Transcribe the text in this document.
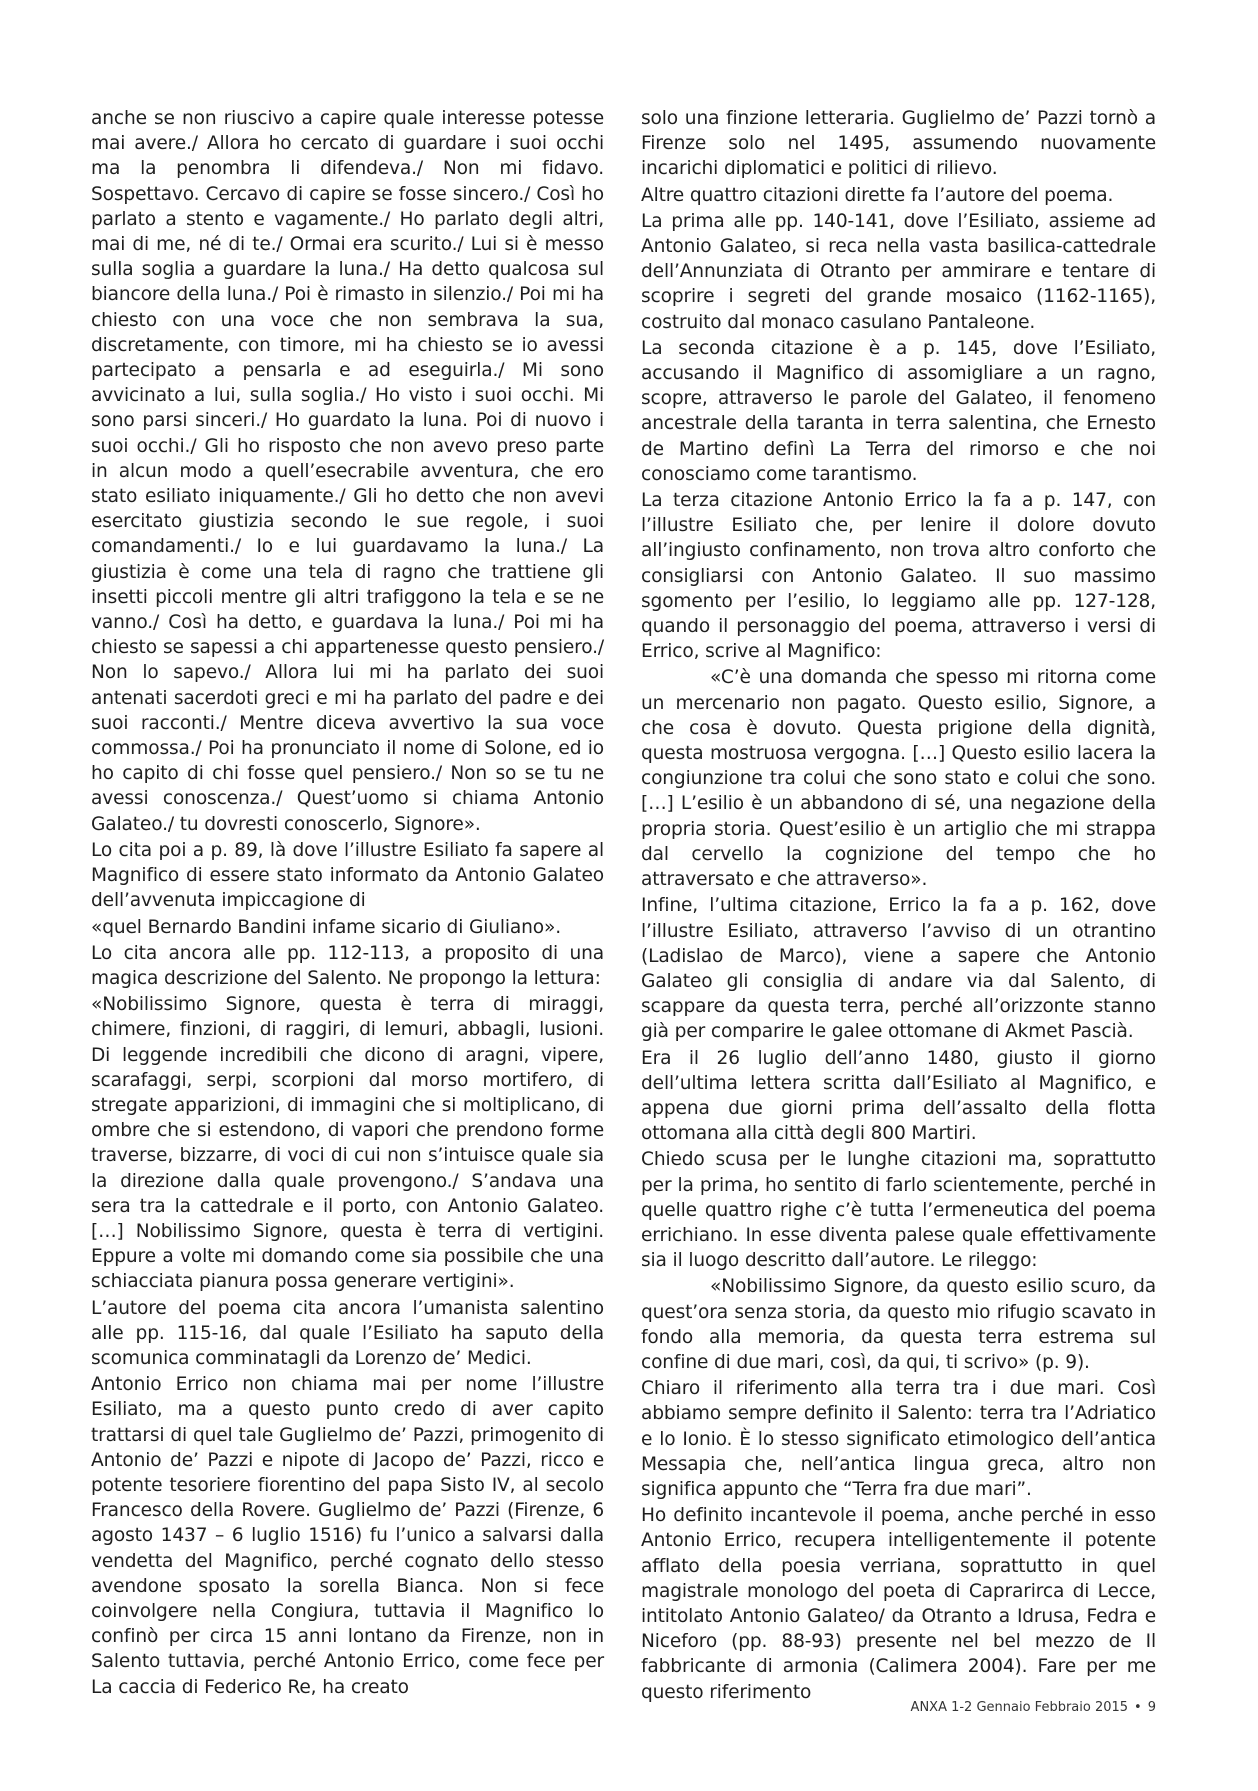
anche se non riuscivo a capire quale interesse potesse mai avere./ Allora ho cercato di guardare i suoi occhi ma la penombra li difendeva./ Non mi fidavo. Sospettavo. Cercavo di capire se fosse sincero./ Così ho parlato a stento e vagamente./ Ho parlato degli altri, mai di me, né di te./ Ormai era scurito./ Lui si è messo sulla soglia a guardare la luna./ Ha detto qualcosa sul biancore della luna./ Poi è rimasto in silenzio./ Poi mi ha chiesto con una voce che non sembrava la sua, discretamente, con timore, mi ha chiesto se io avessi partecipato a pensarla e ad eseguirla./ Mi sono avvicinato a lui, sulla soglia./ Ho visto i suoi occhi. Mi sono parsi sinceri./ Ho guardato la luna. Poi di nuovo i suoi occhi./ Gli ho risposto che non avevo preso parte in alcun modo a quell’esecrabile avventura, che ero stato esiliato iniquamente./ Gli ho detto che non avevi esercitato giustizia secondo le sue regole, i suoi comandamenti./ Io e lui guardavamo la luna./ La giustizia è come una tela di ragno che trattiene gli insetti piccoli mentre gli altri trafiggono la tela e se ne vanno./ Così ha detto, e guardava la luna./ Poi mi ha chiesto se sapessi a chi appartenesse questo pensiero./ Non lo sapevo./ Allora lui mi ha parlato dei suoi antenati sacerdoti greci e mi ha parlato del padre e dei suoi racconti./ Mentre diceva avvertivo la sua voce commossa./ Poi ha pronunciato il nome di Solone, ed io ho capito di chi fosse quel pensiero./ Non so se tu ne avessi conoscenza./ Quest’uomo si chiama Antonio Galateo./ tu dovresti conoscerlo, Signore».

Lo cita poi a p. 89, là dove l’illustre Esiliato fa sapere al Magnifico di essere stato informato da Antonio Galateo dell’avvenuta impiccagione di

«quel Bernardo Bandini infame sicario di Giuliano».

Lo cita ancora alle pp. 112-113, a proposito di una magica descrizione del Salento. Ne propongo la lettura:

«Nobilissimo Signore, questa è terra di miraggi, chimere, finzioni, di raggiri, di lemuri, abbagli, lusioni. Di leggende incredibili che dicono di aragni, vipere, scarafaggi, serpi, scorpioni dal morso mortifero, di stregate apparizioni, di immagini che si moltiplicano, di ombre che si estendono, di vapori che prendono forme traverse, bizzarre, di voci di cui non s’intuisce quale sia la direzione dalla quale provengono./ S’andava una sera tra la cattedrale e il porto, con Antonio Galateo. […] Nobilissimo Signore, questa è terra di vertigini. Eppure a volte mi domando come sia possibile che una schiacciata pianura possa generare vertigini».

L’autore del poema cita ancora l’umanista salentino alle pp. 115-16, dal quale l’Esiliato ha saputo della scomunica comminatagli da Lorenzo de’ Medici.

Antonio Errico non chiama mai per nome l’illustre Esiliato, ma a questo punto credo di aver capito trattarsi di quel tale Guglielmo de’ Pazzi, primogenito di Antonio de’ Pazzi e nipote di Jacopo de’ Pazzi, ricco e potente tesoriere fiorentino del papa Sisto IV, al secolo Francesco della Rovere. Guglielmo de’ Pazzi (Firenze, 6 agosto 1437 – 6 luglio 1516) fu l’unico a salvarsi dalla vendetta del Magnifico, perché cognato dello stesso avendone sposato la sorella Bianca. Non si fece coinvolgere nella Congiura, tuttavia il Magnifico lo confinò per circa 15 anni lontano da Firenze, non in Salento tuttavia, perché Antonio Errico, come fece per La caccia di Federico Re, ha creato

solo una finzione letteraria. Guglielmo de’ Pazzi tornò a Firenze solo nel 1495, assumendo nuovamente incarichi diplomatici e politici di rilievo.

Altre quattro citazioni dirette fa l’autore del poema.

La prima alle pp. 140-141, dove l’Esiliato, assieme ad Antonio Galateo, si reca nella vasta basilica-cattedrale dell’Annunziata di Otranto per ammirare e tentare di scoprire i segreti del grande mosaico (1162-1165), costruito dal monaco casulano Pantaleone.

La seconda citazione è a p. 145, dove l’Esiliato, accusando il Magnifico di assomigliare a un ragno, scopre, attraverso le parole del Galateo, il fenomeno ancestrale della taranta in terra salentina, che Ernesto de Martino definì La Terra del rimorso e che noi conosciamo come tarantismo.

La terza citazione Antonio Errico la fa a p. 147, con l’illustre Esiliato che, per lenire il dolore dovuto all’ingiusto confinamento, non trova altro conforto che consigliarsi con Antonio Galateo. Il suo massimo sgomento per l’esilio, lo leggiamo alle pp. 127-128, quando il personaggio del poema, attraverso i versi di Errico, scrive al Magnifico:

«C’è una domanda che spesso mi ritorna come un mercenario non pagato. Questo esilio, Signore, a che cosa è dovuto. Questa prigione della dignità, questa mostruosa vergogna. […] Questo esilio lacera la congiunzione tra colui che sono stato e colui che sono. […] L’esilio è un abbandono di sé, una negazione della propria storia. Quest’esilio è un artiglio che mi strappa dal cervello la cognizione del tempo che ho attraversato e che attraverso».

Infine, l’ultima citazione, Errico la fa a p. 162, dove l’illustre Esiliato, attraverso l’avviso di un otrantino (Ladislao de Marco), viene a sapere che Antonio Galateo gli consiglia di andare via dal Salento, di scappare da questa terra, perché all’orizzonte stanno già per comparire le galee ottomane di Akmet Pascià.

Era il 26 luglio dell’anno 1480, giusto il giorno dell’ultima lettera scritta dall’Esiliato al Magnifico, e appena due giorni prima dell’assalto della flotta ottomana alla città degli 800 Martiri.

Chiedo scusa per le lunghe citazioni ma, soprattutto per la prima, ho sentito di farlo scientemente, perché in quelle quattro righe c’è tutta l’ermeneutica del poema errichiano. In esse diventa palese quale effettivamente sia il luogo descritto dall’autore. Le rileggo:

«Nobilissimo Signore, da questo esilio scuro, da quest’ora senza storia, da questo mio rifugio scavato in fondo alla memoria, da questa terra estrema sul confine di due mari, così, da qui, ti scrivo» (p. 9).

Chiaro il riferimento alla terra tra i due mari. Così abbiamo sempre definito il Salento: terra tra l’Adriatico e lo Ionio. È lo stesso significato etimologico dell’antica Messapia che, nell’antica lingua greca, altro non significa appunto che “Terra fra due mari”.

Ho definito incantevole il poema, anche perché in esso Antonio Errico, recupera intelligentemente il potente afflato della poesia verriana, soprattutto in quel magistrale monologo del poeta di Caprarirca di Lecce, intitolato Antonio Galateo/ da Otranto a Idrusa, Fedra e Niceforo (pp. 88-93) presente nel bel mezzo de Il fabbricante di armonia (Calimera 2004). Fare per me questo riferimento

ANXA 1-2 Gennaio Febbraio 2015 • 9
